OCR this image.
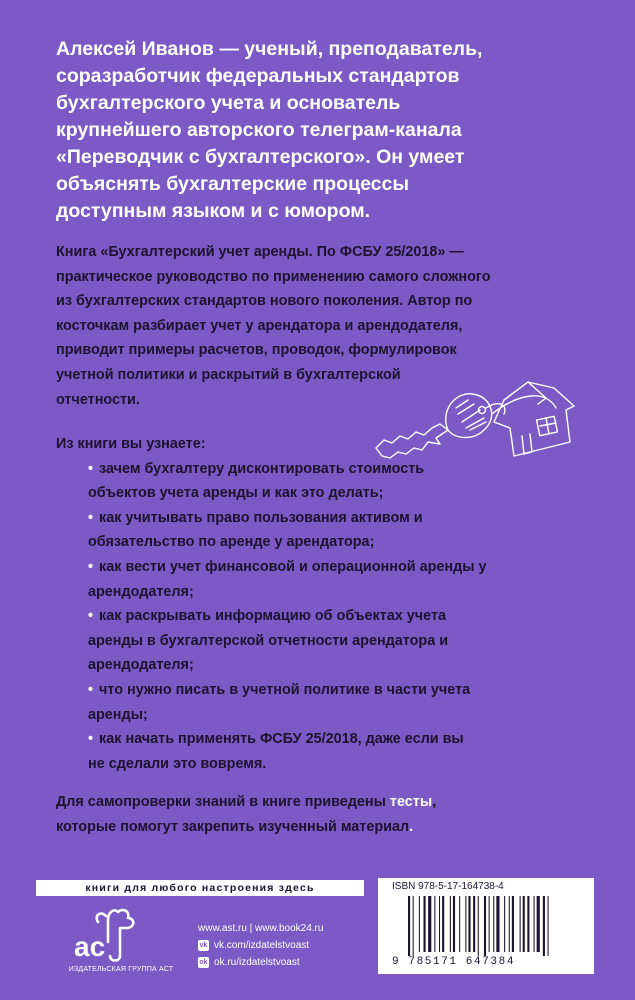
Алексей Иванов — ученый, преподаватель,

соразработчик федеральных стандартов

бухгалтерского учета и основатель

крупнейшего авторского телеграм-канала

«Переводчик с бухгалтерского». Он умеет

объяснять бухгалтерские процессы

доступным языком и с юмором.

Книга «Бухгалтерский учет аренды. По ФСБУ 25/2018» —

практическое руководство по применению самого сложного

из бухгалтерских стандартов нового поколения. Автор по

косточкам разбирает учет у арендатора и арендодателя,

приводит примеры расчетов, проводок, формулировок

учетной политики и раскрытий в бухгалтерской

отчетности.

Из книги вы узнаете:

• зачем бухгалтеру дисконтировать стоимость
объектов учета аренды и как это делать;
• как учитывать право пользования активом и
обязательство по аренде у арендатора;
• как вести учет финансовой и операционной аренды у
арендодателя;
• как раскрывать информацию об объектах учета
аренды в бухгалтерской отчетности арендатора и
арендодателя;
• что нужно писать в учетной политике в части учета
аренды;
• как начать применять ФСБУ 25/2018, даже если вы
не сделали это вовремя.

Для самопроверки знаний в книге приведены тесты,

которые помогут закрепить изученный материал.

книги для любого настроения здесь
ас
ИЗДАТЕЛЬСКАЯ ГРУППА АСТ
www.ast.ru | www.book24.ru
vk vk.com/izdatelstvoast
ok ok.ru/izdatelstvoast
ISBN 978-5-17-164738-4
9 785171 647384
